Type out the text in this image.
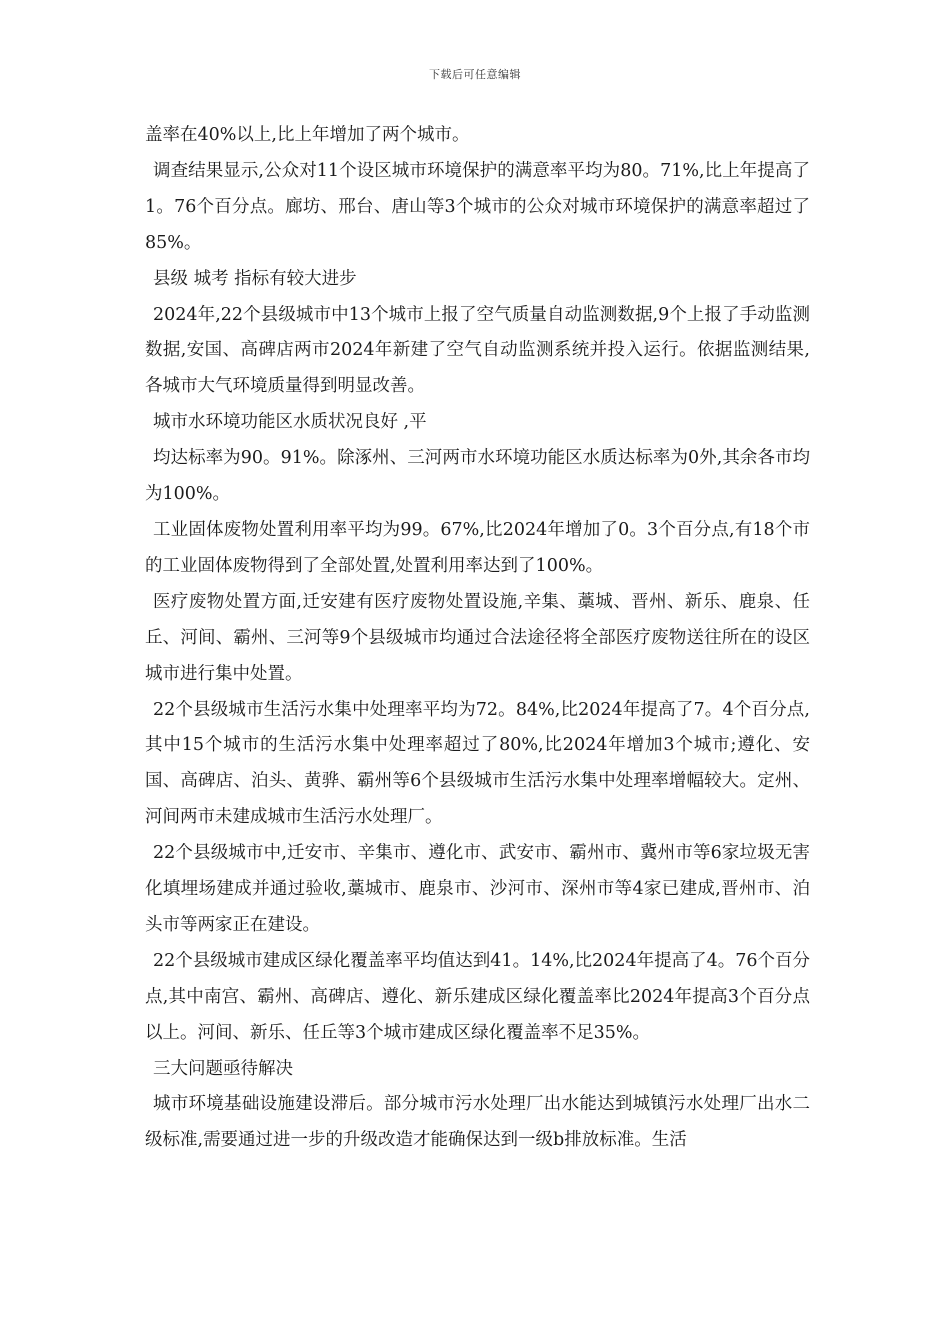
下载后可任意编辑

盖率在40%以上,比上年增加了两个城市。

调查结果显示,公众对11个设区城市环境保护的满意率平均为80。71%,比上年提高了1。76个百分点。廊坊、邢台、唐山等3个城市的公众对城市环境保护的满意率超过了85%。

县级 城考 指标有较大进步

2024年,22个县级城市中13个城市上报了空气质量自动监测数据,9个上报了手动监测数据,安国、高碑店两市2024年新建了空气自动监测系统并投入运行。依据监测结果,各城市大气环境质量得到明显改善。

城市水环境功能区水质状况良好 ,平

均达标率为90。91%。除涿州、三河两市水环境功能区水质达标率为0外,其余各市均为100%。

工业固体废物处置利用率平均为99。67%,比2024年增加了0。3个百分点,有18个市的工业固体废物得到了全部处置,处置利用率达到了100%。

医疗废物处置方面,迁安建有医疗废物处置设施,辛集、藁城、晋州、新乐、鹿泉、任丘、河间、霸州、三河等9个县级城市均通过合法途径将全部医疗废物送往所在的设区城市进行集中处置。

22个县级城市生活污水集中处理率平均为72。84%,比2024年提高了7。4个百分点,其中15个城市的生活污水集中处理率超过了80%,比2024年增加3个城市;遵化、安国、高碑店、泊头、黄骅、霸州等6个县级城市生活污水集中处理率增幅较大。定州、河间两市未建成城市生活污水处理厂。

22个县级城市中,迁安市、辛集市、遵化市、武安市、霸州市、冀州市等6家垃圾无害化填埋场建成并通过验收,藁城市、鹿泉市、沙河市、深州市等4家已建成,晋州市、泊头市等两家正在建设。

22个县级城市建成区绿化覆盖率平均值达到41。14%,比2024年提高了4。76个百分点,其中南宫、霸州、高碑店、遵化、新乐建成区绿化覆盖率比2024年提高3个百分点以上。河间、新乐、任丘等3个城市建成区绿化覆盖率不足35%。

三大问题亟待解决

城市环境基础设施建设滞后。部分城市污水处理厂出水能达到城镇污水处理厂出水二级标准,需要通过进一步的升级改造才能确保达到一级b排放标准。生活
